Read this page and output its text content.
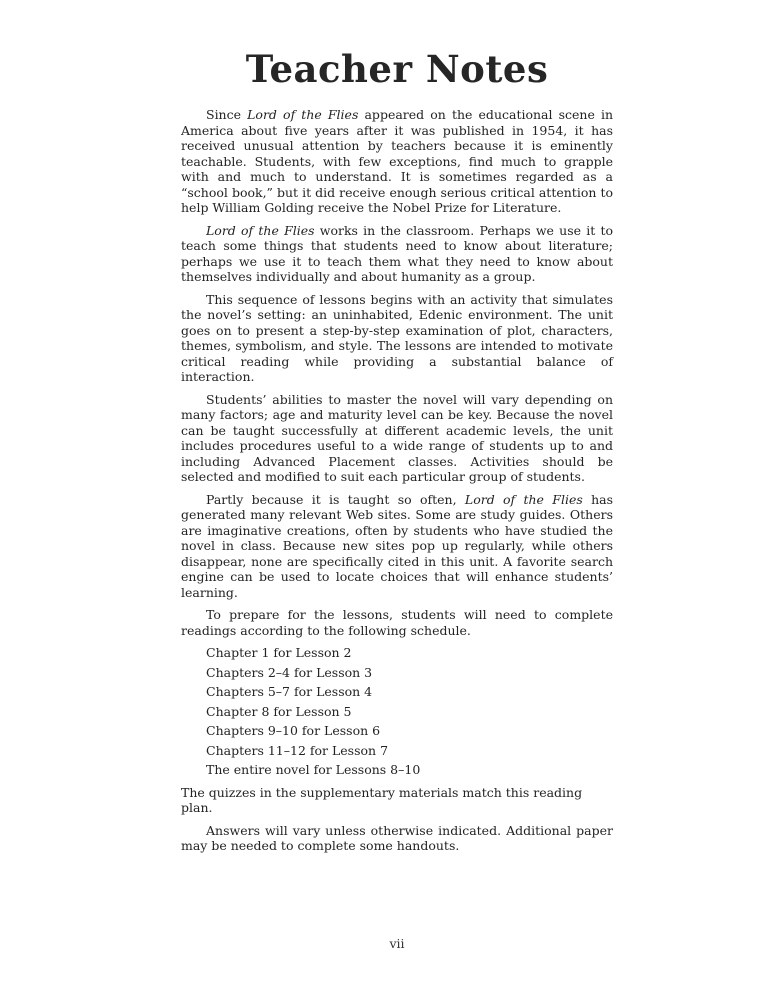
Teacher Notes

Since Lord of the Flies appeared on the educational scene in America about five years after it was published in 1954, it has received unusual attention by teachers because it is eminently teachable. Students, with few exceptions, find much to grapple with and much to understand. It is sometimes regarded as a “school book,” but it did receive enough serious critical attention to help William Golding receive the Nobel Prize for Literature.

Lord of the Flies works in the classroom. Perhaps we use it to teach some things that students need to know about literature; perhaps we use it to teach them what they need to know about themselves individually and about humanity as a group.

This sequence of lessons begins with an activity that simulates the novel’s setting: an uninhabited, Edenic environment. The unit goes on to present a step-by-step examination of plot, characters, themes, symbolism, and style. The lessons are intended to motivate critical reading while providing a substantial balance of interaction.

Students’ abilities to master the novel will vary depending on many factors; age and maturity level can be key. Because the novel can be taught successfully at different academic levels, the unit includes procedures useful to a wide range of students up to and including Advanced Placement classes. Activities should be selected and modified to suit each particular group of students.

Partly because it is taught so often, Lord of the Flies has generated many relevant Web sites. Some are study guides. Others are imaginative creations, often by students who have studied the novel in class. Because new sites pop up regularly, while others disappear, none are specifically cited in this unit. A favorite search engine can be used to locate choices that will enhance students’ learning.

To prepare for the lessons, students will need to complete readings according to the following schedule.

Chapter 1 for Lesson 2
Chapters 2–4 for Lesson 3
Chapters 5–7 for Lesson 4
Chapter 8 for Lesson 5
Chapters 9–10 for Lesson 6
Chapters 11–12 for Lesson 7
The entire novel for Lessons 8–10

The quizzes in the supplementary materials match this reading plan.

Answers will vary unless otherwise indicated. Additional paper may be needed to complete some handouts.

vii
